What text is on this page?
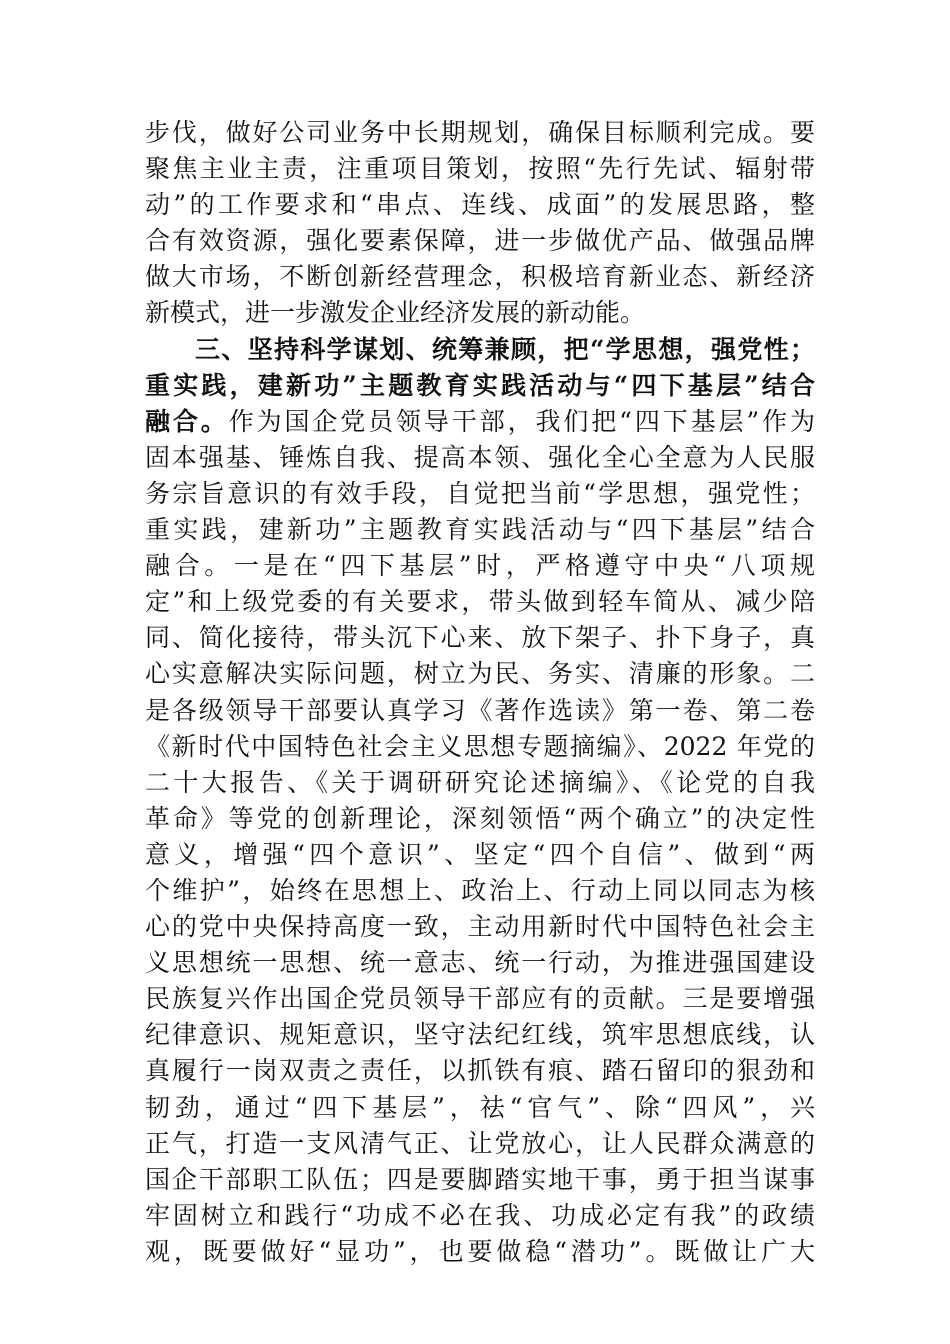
步伐，做好公司业务中长期规划，确保目标顺利完成。要
聚焦主业主责，注重项目策划，按照“先行先试、辐射带
动”的工作要求和“串点、连线、成面”的发展思路，整
合有效资源，强化要素保障，进一步做优产品、做强品牌
做大市场，不断创新经营理念，积极培育新业态、新经济
新模式，进一步激发企业经济发展的新动能。
三、坚持科学谋划、统筹兼顾，把“学思想，强党性；
重实践，建新功”主题教育实践活动与“四下基层”结合
融合。作为国企党员领导干部，我们把“四下基层”作为
固本强基、锤炼自我、提高本领、强化全心全意为人民服
务宗旨意识的有效手段，自觉把当前“学思想，强党性；
重实践，建新功”主题教育实践活动与“四下基层”结合
融合。一是在“四下基层”时，严格遵守中央“八项规
定”和上级党委的有关要求，带头做到轻车简从、减少陪
同、简化接待，带头沉下心来、放下架子、扑下身子，真
心实意解决实际问题，树立为民、务实、清廉的形象。二
是各级领导干部要认真学习《著作选读》第一卷、第二卷
《新时代中国特色社会主义思想专题摘编》、2022 年党的
二十大报告、《关于调研研究论述摘编》、《论党的自我
革命》等党的创新理论，深刻领悟“两个确立”的决定性
意义，增强“四个意识”、坚定“四个自信”、做到“两
个维护”，始终在思想上、政治上、行动上同以同志为核
心的党中央保持高度一致，主动用新时代中国特色社会主
义思想统一思想、统一意志、统一行动，为推进强国建设
民族复兴作出国企党员领导干部应有的贡献。三是要增强
纪律意识、规矩意识，坚守法纪红线，筑牢思想底线，认
真履行一岗双责之责任，以抓铁有痕、踏石留印的狠劲和
韧劲，通过“四下基层”，祛“官气”、除“四风”，兴
正气，打造一支风清气正、让党放心，让人民群众满意的
国企干部职工队伍；四是要脚踏实地干事，勇于担当谋事
牢固树立和践行“功成不必在我、功成必定有我”的政绩
观，既要做好“显功”，也要做稳“潜功”。既做让广大
